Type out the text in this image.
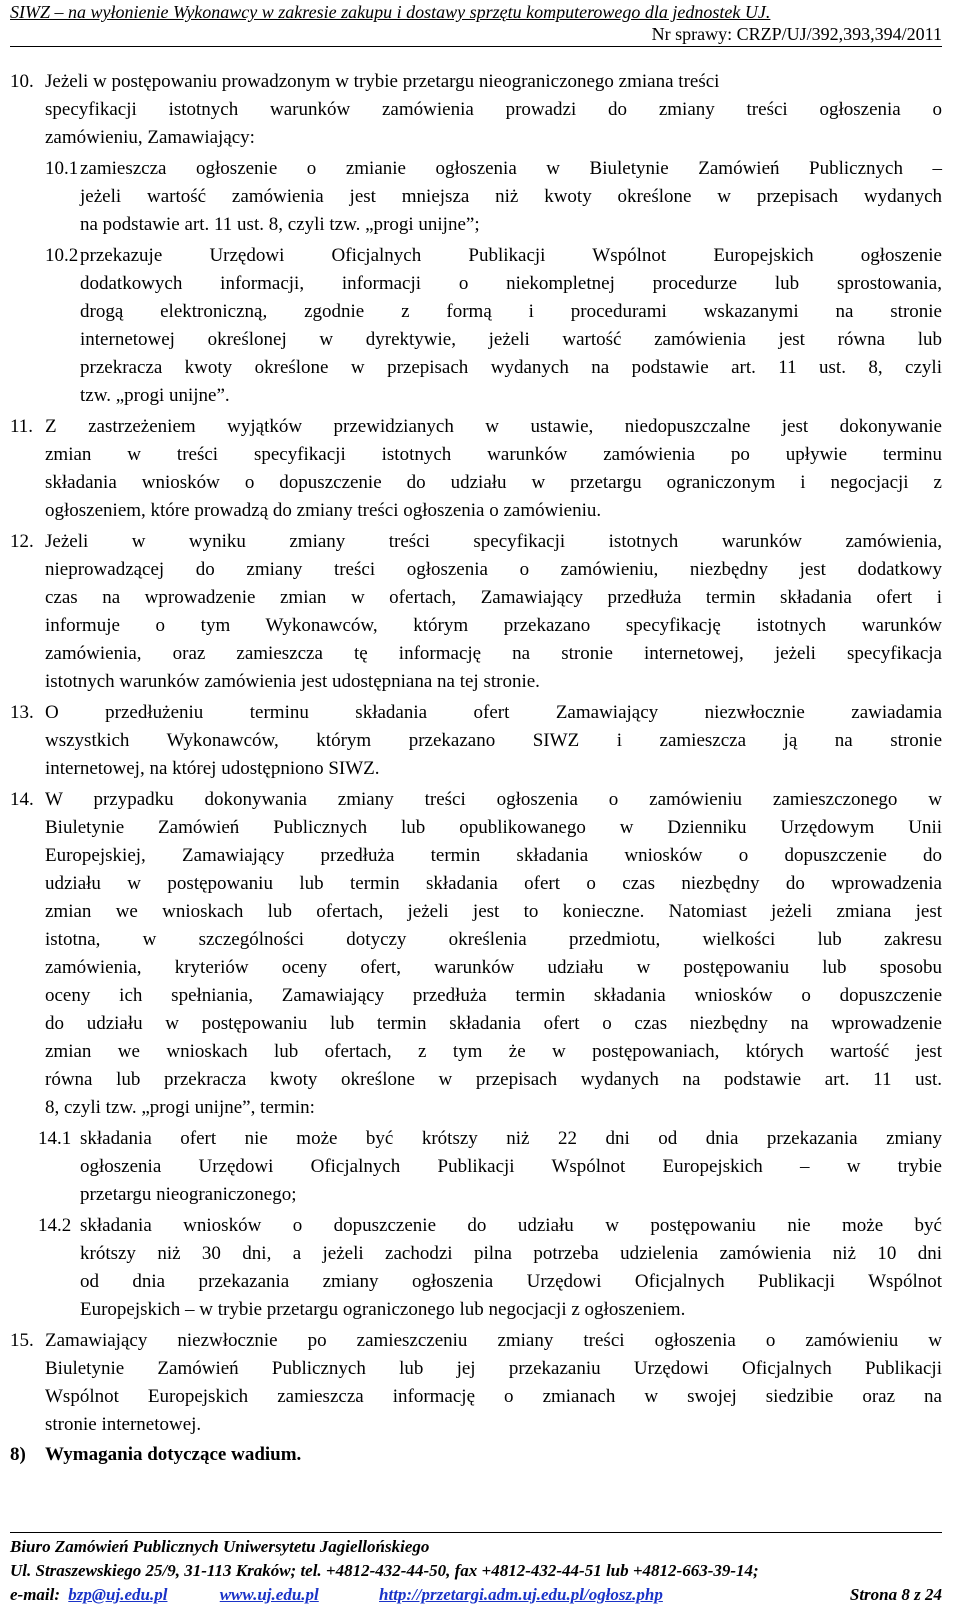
SIWZ – na wyłonienie Wykonawcy w zakresie zakupu i dostawy sprzętu komputerowego dla jednostek UJ.
Nr sprawy: CRZP/UJ/392,393,394/2011
10. Jeżeli w postępowaniu prowadzonym w trybie przetargu nieograniczonego zmiana treści
specyfikacji istotnych warunków zamówienia prowadzi do zmiany treści ogłoszenia o
zamówieniu, Zamawiający:
10.1 zamieszcza ogłoszenie o zmianie ogłoszenia w Biuletynie Zamówień Publicznych –
jeżeli wartość zamówienia jest mniejsza niż kwoty określone w przepisach wydanych
na podstawie art. 11 ust. 8, czyli tzw. „progi unijne”;
10.2 przekazuje Urzędowi Oficjalnych Publikacji Wspólnot Europejskich ogłoszenie
dodatkowych informacji, informacji o niekompletnej procedurze lub sprostowania,
drogą elektroniczną, zgodnie z formą i procedurami wskazanymi na stronie
internetowej określonej w dyrektywie, jeżeli wartość zamówienia jest równa lub
przekracza kwoty określone w przepisach wydanych na podstawie art. 11 ust. 8, czyli
tzw. „progi unijne”.
11. Z zastrzeżeniem wyjątków przewidzianych w ustawie, niedopuszczalne jest dokonywanie
zmian w treści specyfikacji istotnych warunków zamówienia po upływie terminu
składania wniosków o dopuszczenie do udziału w przetargu ograniczonym i negocjacji z
ogłoszeniem, które prowadzą do zmiany treści ogłoszenia o zamówieniu.
12. Jeżeli w wyniku zmiany treści specyfikacji istotnych warunków zamówienia,
nieprowadzącej do zmiany treści ogłoszenia o zamówieniu, niezbędny jest dodatkowy
czas na wprowadzenie zmian w ofertach, Zamawiający przedłuża termin składania ofert i
informuje o tym Wykonawców, którym przekazano specyfikację istotnych warunków
zamówienia, oraz zamieszcza tę informację na stronie internetowej, jeżeli specyfikacja
istotnych warunków zamówienia jest udostępniana na tej stronie.
13. O przedłużeniu terminu składania ofert Zamawiający niezwłocznie zawiadamia
wszystkich Wykonawców, którym przekazano SIWZ i zamieszcza ją na stronie
internetowej, na której udostępniono SIWZ.
14. W przypadku dokonywania zmiany treści ogłoszenia o zamówieniu zamieszczonego w
Biuletynie Zamówień Publicznych lub opublikowanego w Dzienniku Urzędowym Unii
Europejskiej, Zamawiający przedłuża termin składania wniosków o dopuszczenie do
udziału w postępowaniu lub termin składania ofert o czas niezbędny do wprowadzenia
zmian we wnioskach lub ofertach, jeżeli jest to konieczne. Natomiast jeżeli zmiana jest
istotna, w szczególności dotyczy określenia przedmiotu, wielkości lub zakresu
zamówienia, kryteriów oceny ofert, warunków udziału w postępowaniu lub sposobu
oceny ich spełniania, Zamawiający przedłuża termin składania wniosków o dopuszczenie
do udziału w postępowaniu lub termin składania ofert o czas niezbędny na wprowadzenie
zmian we wnioskach lub ofertach, z tym że w postępowaniach, których wartość jest
równa lub przekracza kwoty określone w przepisach wydanych na podstawie art. 11 ust.
8, czyli tzw. „progi unijne”, termin:
14.1 składania ofert nie może być krótszy niż 22 dni od dnia przekazania zmiany
ogłoszenia Urzędowi Oficjalnych Publikacji Wspólnot Europejskich – w trybie
przetargu nieograniczonego;
14.2 składania wniosków o dopuszczenie do udziału w postępowaniu nie może być
krótszy niż 30 dni, a jeżeli zachodzi pilna potrzeba udzielenia zamówienia niż 10 dni
od dnia przekazania zmiany ogłoszenia Urzędowi Oficjalnych Publikacji Wspólnot
Europejskich – w trybie przetargu ograniczonego lub negocjacji z ogłoszeniem.
15. Zamawiający niezwłocznie po zamieszczeniu zmiany treści ogłoszenia o zamówieniu w
Biuletynie Zamówień Publicznych lub jej przekazaniu Urzędowi Oficjalnych Publikacji
Wspólnot Europejskich zamieszcza informację o zmianach w swojej siedzibie oraz na
stronie internetowej.
8) Wymagania dotyczące wadium.
Biuro Zamówień Publicznych Uniwersytetu Jagiellońskiego
Ul. Straszewskiego 25/9, 31-113 Kraków; tel. +4812-432-44-50, fax +4812-432-44-51 lub +4812-663-39-14;
e-mail: bzp@uj.edu.pl	www.uj.edu.pl	http://przetargi.adm.uj.edu.pl/ogłosz.php	Strona 8 z 24
